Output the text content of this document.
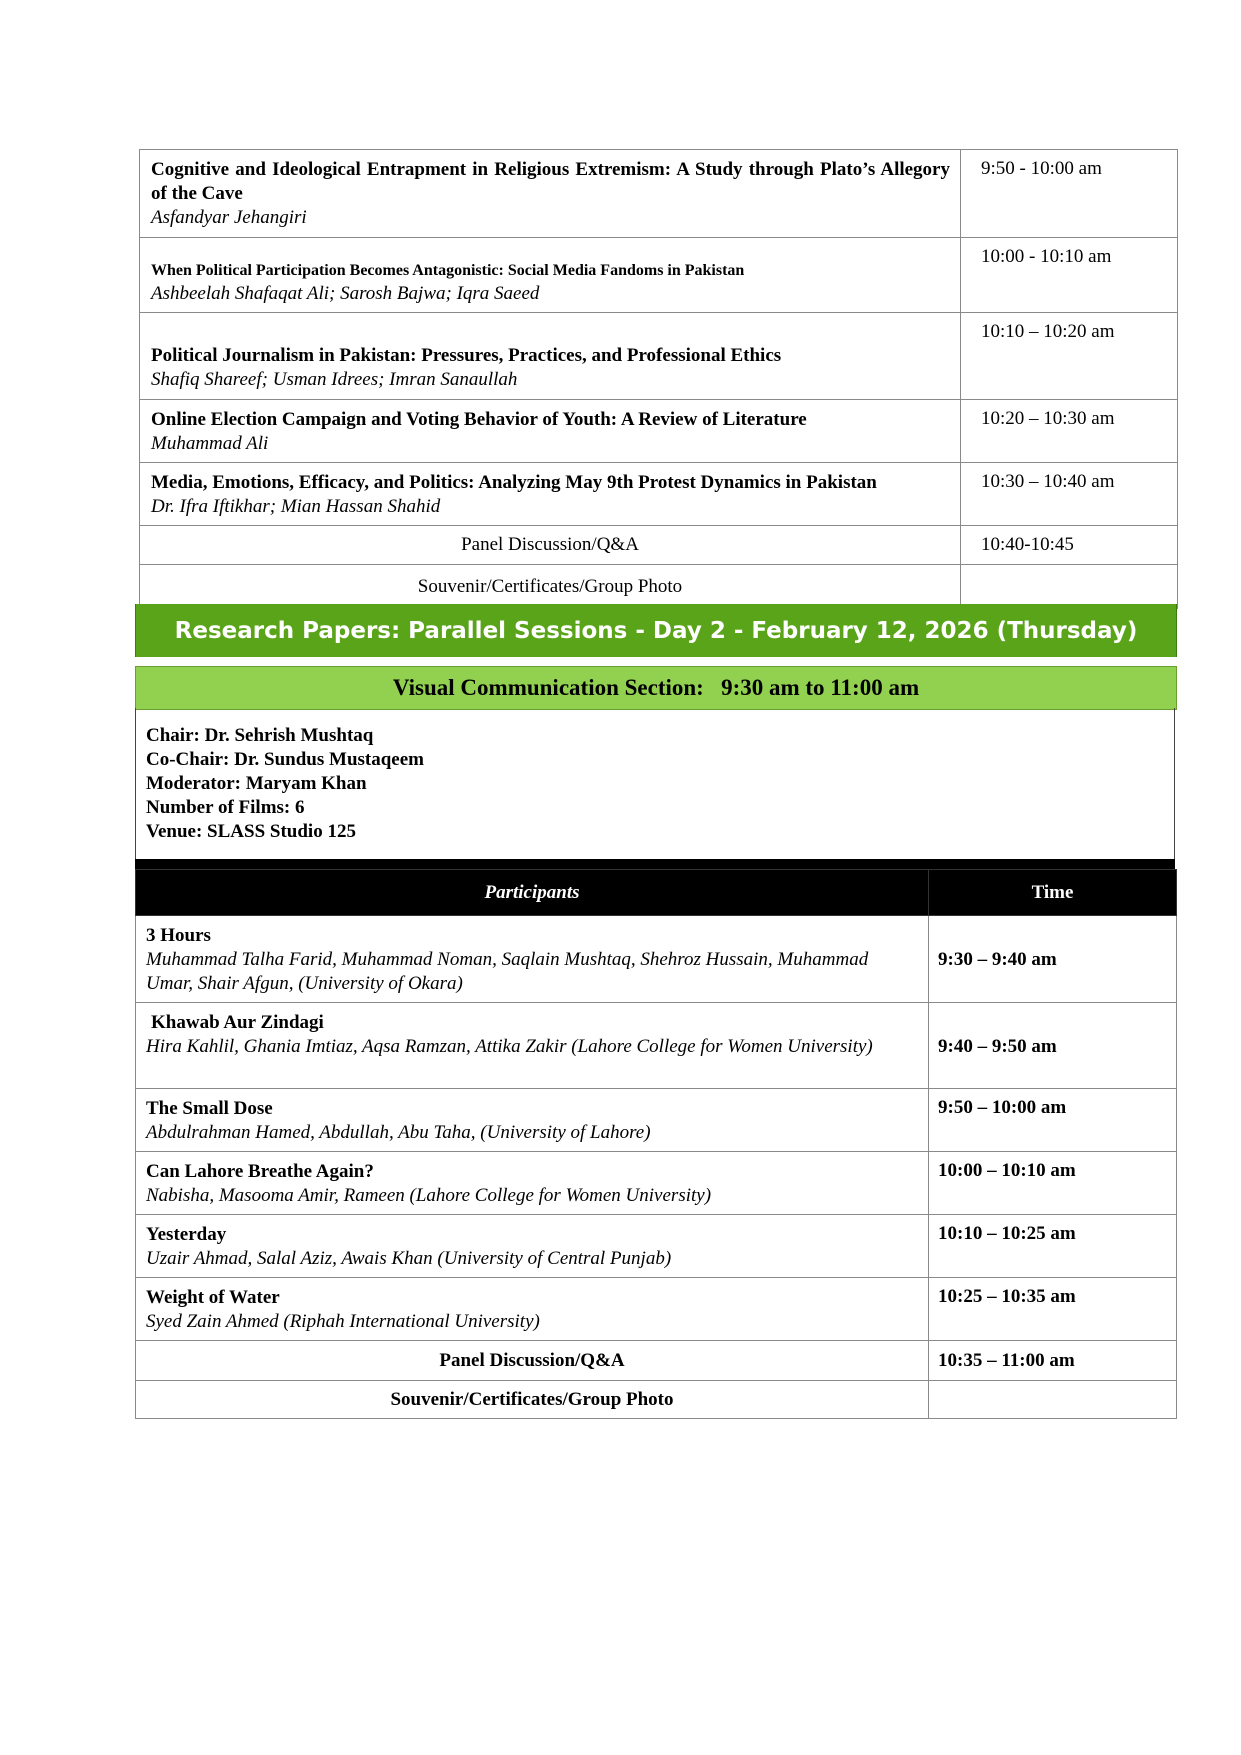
Cognitive and Ideological Entrapment in Religious Extremism: A Study through Plato’s Allegory of the Cave
Asfandyar Jehangiri	9:50 - 10:00 am

When Political Participation Becomes Antagonistic: Social Media Fandoms in Pakistan
Ashbeelah Shafaqat Ali; Sarosh Bajwa; Iqra Saeed	10:00 - 10:10 am

Political Journalism in Pakistan: Pressures, Practices, and Professional Ethics
Shafiq Shareef; Usman Idrees; Imran Sanaullah	10:10 – 10:20 am

Online Election Campaign and Voting Behavior of Youth: A Review of Literature
Muhammad Ali	10:20 – 10:30 am

Media, Emotions, Efficacy, and Politics: Analyzing May 9th Protest Dynamics in Pakistan
Dr. Ifra Iftikhar; Mian Hassan Shahid	10:30 – 10:40 am
Panel Discussion/Q&A	10:40-10:45
Souvenir/Certificates/Group Photo	
Research Papers: Parallel Sessions - Day 2 - February 12, 2026 (Thursday)
Visual Communication Section:   9:30 am to 11:00 am
Chair: Dr. Sehrish Mushtaq
Co-Chair: Dr. Sundus Mustaqeem
Moderator: Maryam Khan
Number of Films: 6
Venue: SLASS Studio 125
Participants	Time

3 Hours
Muhammad Talha Farid, Muhammad Noman, Saqlain Mushtaq, Shehroz Hussain, Muhammad Umar, Shair Afgun, (University of Okara)	9:30 – 9:40 am

Khawab Aur Zindagi
Hira Kahlil, Ghania Imtiaz, Aqsa Ramzan, Attika Zakir (Lahore College for Women University)	9:40 – 9:50 am

The Small Dose
Abdulrahman Hamed, Abdullah, Abu Taha, (University of Lahore)	9:50 – 10:00 am

Can Lahore Breathe Again?
Nabisha, Masooma Amir, Rameen (Lahore College for Women University)	10:00 – 10:10 am

Yesterday
Uzair Ahmad, Salal Aziz, Awais Khan (University of Central Punjab)	10:10 – 10:25 am

Weight of Water
Syed Zain Ahmed (Riphah International University)	10:25 – 10:35 am
Panel Discussion/Q&A	10:35 – 11:00 am
Souvenir/Certificates/Group Photo	
